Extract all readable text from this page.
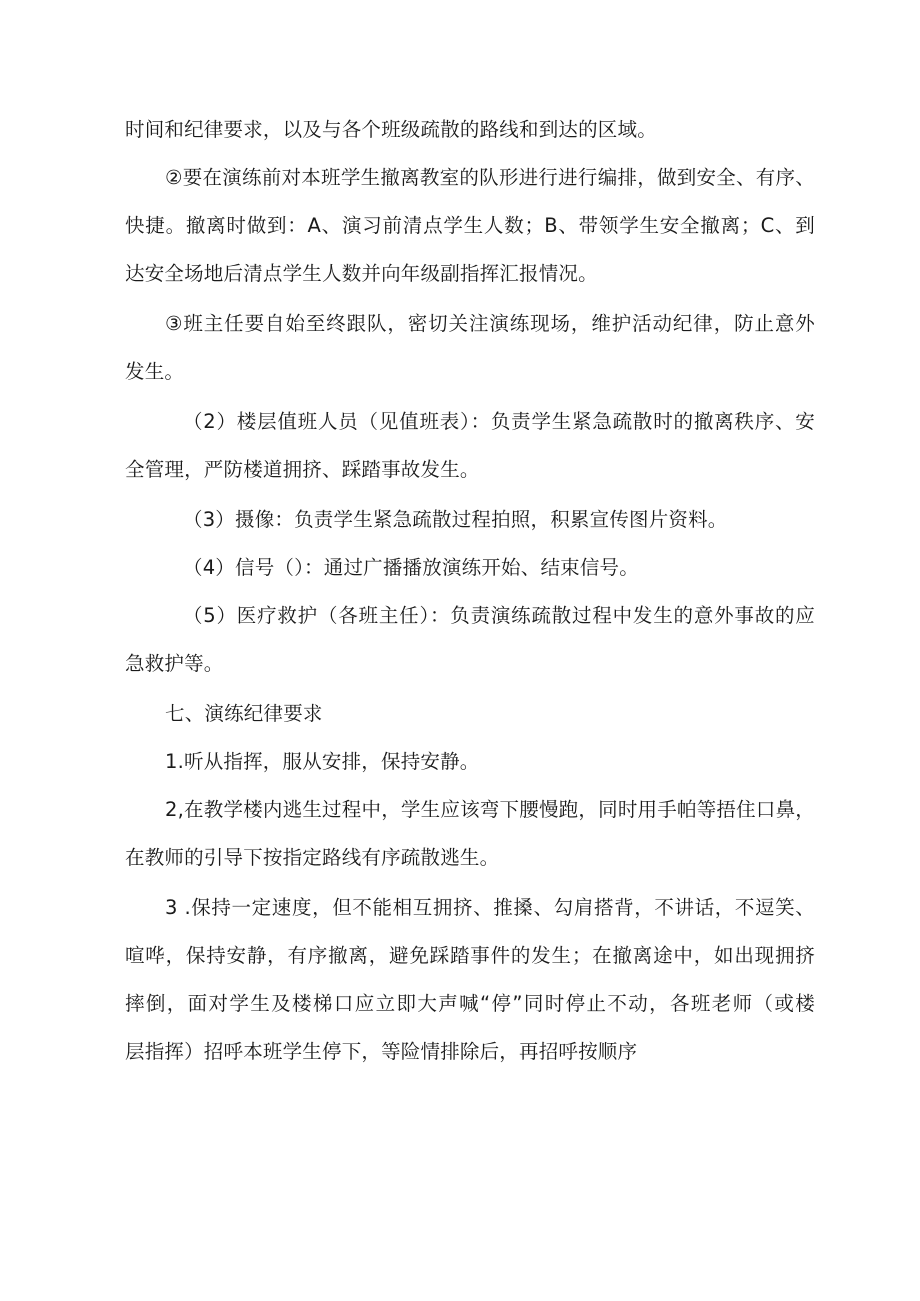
时间和纪律要求，以及与各个班级疏散的路线和到达的区域。
②要在演练前对本班学生撤离教室的队形进行进行编排，做到安全、有序、
快捷。撤离时做到：A、演习前清点学生人数；B、带领学生安全撤离；C、到
达安全场地后清点学生人数并向年级副指挥汇报情况。
③班主任要自始至终跟队，密切关注演练现场，维护活动纪律，防止意外
发生。
（2）楼层值班人员（见值班表）：负责学生紧急疏散时的撤离秩序、安
全管理，严防楼道拥挤、踩踏事故发生。
（3）摄像：负责学生紧急疏散过程拍照，积累宣传图片资料。
（4）信号（）：通过广播播放演练开始、结束信号。
（5）医疗救护（各班主任）：负责演练疏散过程中发生的意外事故的应
急救护等。
七、演练纪律要求
1.听从指挥，服从安排，保持安静。
2,在教学楼内逃生过程中，学生应该弯下腰慢跑，同时用手帕等捂住口鼻，
在教师的引导下按指定路线有序疏散逃生。
3 .保持一定速度，但不能相互拥挤、推搡、勾肩搭背，不讲话，不逗笑、
喧哗，保持安静，有序撤离，避免踩踏事件的发生；在撤离途中，如出现拥挤
摔倒，面对学生及楼梯口应立即大声喊“停”同时停止不动，各班老师（或楼
层指挥）招呼本班学生停下，等险情排除后，再招呼按顺序
